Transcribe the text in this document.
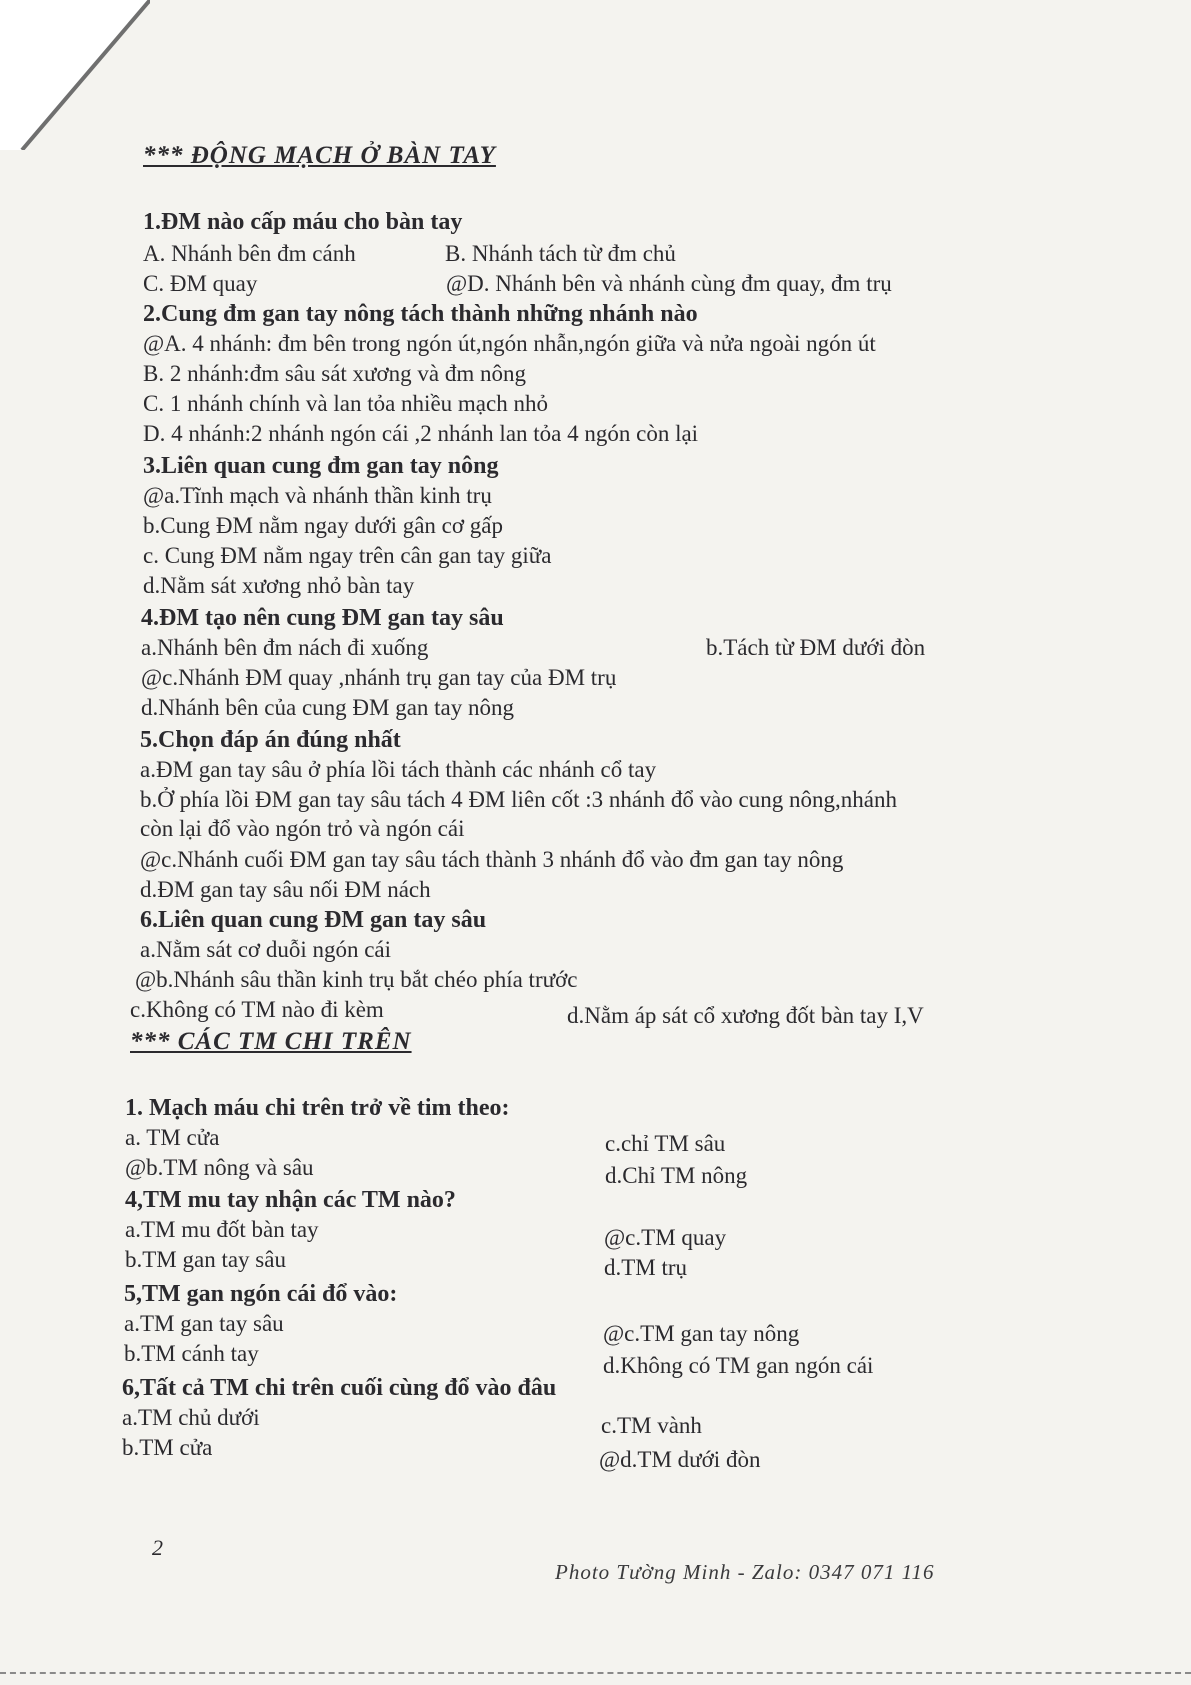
*** ĐỘNG MẠCH Ở BÀN TAY
1.ĐM nào cấp máu cho bàn tay
A. Nhánh bên đm cánh	B. Nhánh tách từ đm chủ
C. ĐM quay	@D. Nhánh bên và nhánh cùng đm quay, đm trụ
2.Cung đm gan tay nông tách thành những nhánh nào
@A. 4 nhánh: đm bên trong ngón út,ngón nhẫn,ngón giữa và nửa ngoài ngón út
B. 2 nhánh:đm sâu sát xương và đm nông
C. 1 nhánh chính và lan tỏa nhiều mạch nhỏ
D. 4 nhánh:2 nhánh ngón cái ,2 nhánh lan tỏa 4 ngón còn lại
3.Liên quan cung đm gan tay nông
@a.Tĩnh mạch và nhánh thần kinh trụ
b.Cung ĐM nằm ngay dưới gân cơ gấp
c. Cung ĐM nằm ngay trên cân gan tay giữa
d.Nằm sát xương nhỏ bàn tay
4.ĐM tạo nên cung ĐM gan tay sâu
a.Nhánh bên đm nách đi xuống	b.Tách từ ĐM dưới đòn
@c.Nhánh ĐM quay ,nhánh trụ gan tay của ĐM trụ
d.Nhánh bên của cung ĐM gan tay nông
5.Chọn đáp án đúng nhất
a.ĐM gan tay sâu ở phía lồi tách thành các nhánh cổ tay
b.Ở phía lồi ĐM gan tay sâu tách 4 ĐM liên cốt :3 nhánh đổ vào cung nông,nhánh
còn lại đổ vào ngón trỏ và ngón cái
@c.Nhánh cuối ĐM gan tay sâu tách thành 3 nhánh đổ vào đm gan tay nông
d.ĐM gan tay sâu nối ĐM nách
6.Liên quan cung ĐM gan tay sâu
a.Nằm sát cơ duỗi ngón cái
@b.Nhánh sâu thần kinh trụ bắt chéo phía trước
c.Không có TM nào đi kèm	d.Nằm áp sát cổ xương đốt bàn tay I,V
*** CÁC TM CHI TRÊN
1. Mạch máu chi trên trở về tim theo:
a. TM cửa	c.chỉ TM sâu
@b.TM nông và sâu	d.Chỉ TM nông
4,TM mu tay nhận các TM nào?
a.TM mu đốt bàn tay	@c.TM quay
b.TM gan tay sâu	d.TM trụ
5,TM gan ngón cái đổ vào:
a.TM gan tay sâu	@c.TM gan tay nông
b.TM cánh tay	d.Không có TM gan ngón cái
6,Tất cả TM chi trên cuối cùng đổ vào đâu
a.TM chủ dưới
b.TM cửa
c.TM vành
@d.TM dưới đòn
2
Photo Tường Minh - Zalo: 0347 071 116
